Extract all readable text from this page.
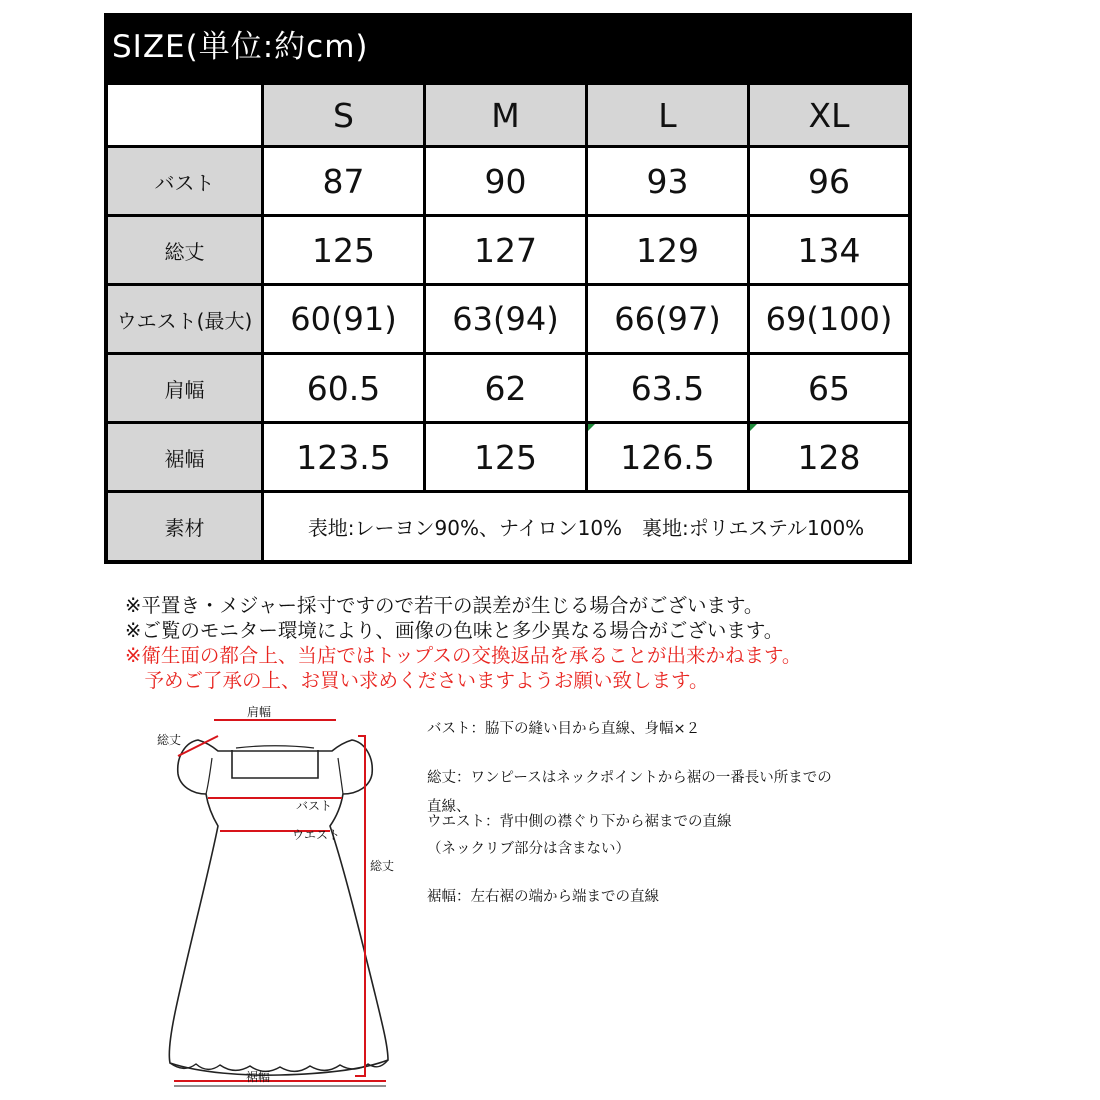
SIZE(単位:約cm)
S	M	L	XL
バスト	87	90	93	96
総丈	125	127	129	134
ウエスト(最大)	60(91)	63(94)	66(97)	69(100)
肩幅	60.5	62	63.5	65
裾幅	123.5	125	126.5	128
素材	表地:レーヨン90%、ナイロン10%　裏地:ポリエステル100%
※平置き・メジャー採寸ですので若干の誤差が生じる場合がございます。
※ご覧のモニター環境により、画像の色味と多少異なる場合がございます。
※衛生面の都合上、当店ではトップスの交換返品を承ることが出来かねます。
　予めご了承の上、お買い求めくださいますようお願い致します。
肩幅
総丈
バスト
ウエスト
総丈
裾幅
バスト：脇下の縫い目から直線、身幅×２
総丈：ワンピースはネックポイントから裾の一番長い所までの
直線、
ウエスト：背中側の襟ぐり下から裾までの直線
（ネックリブ部分は含まない）
裾幅：左右裾の端から端までの直線
